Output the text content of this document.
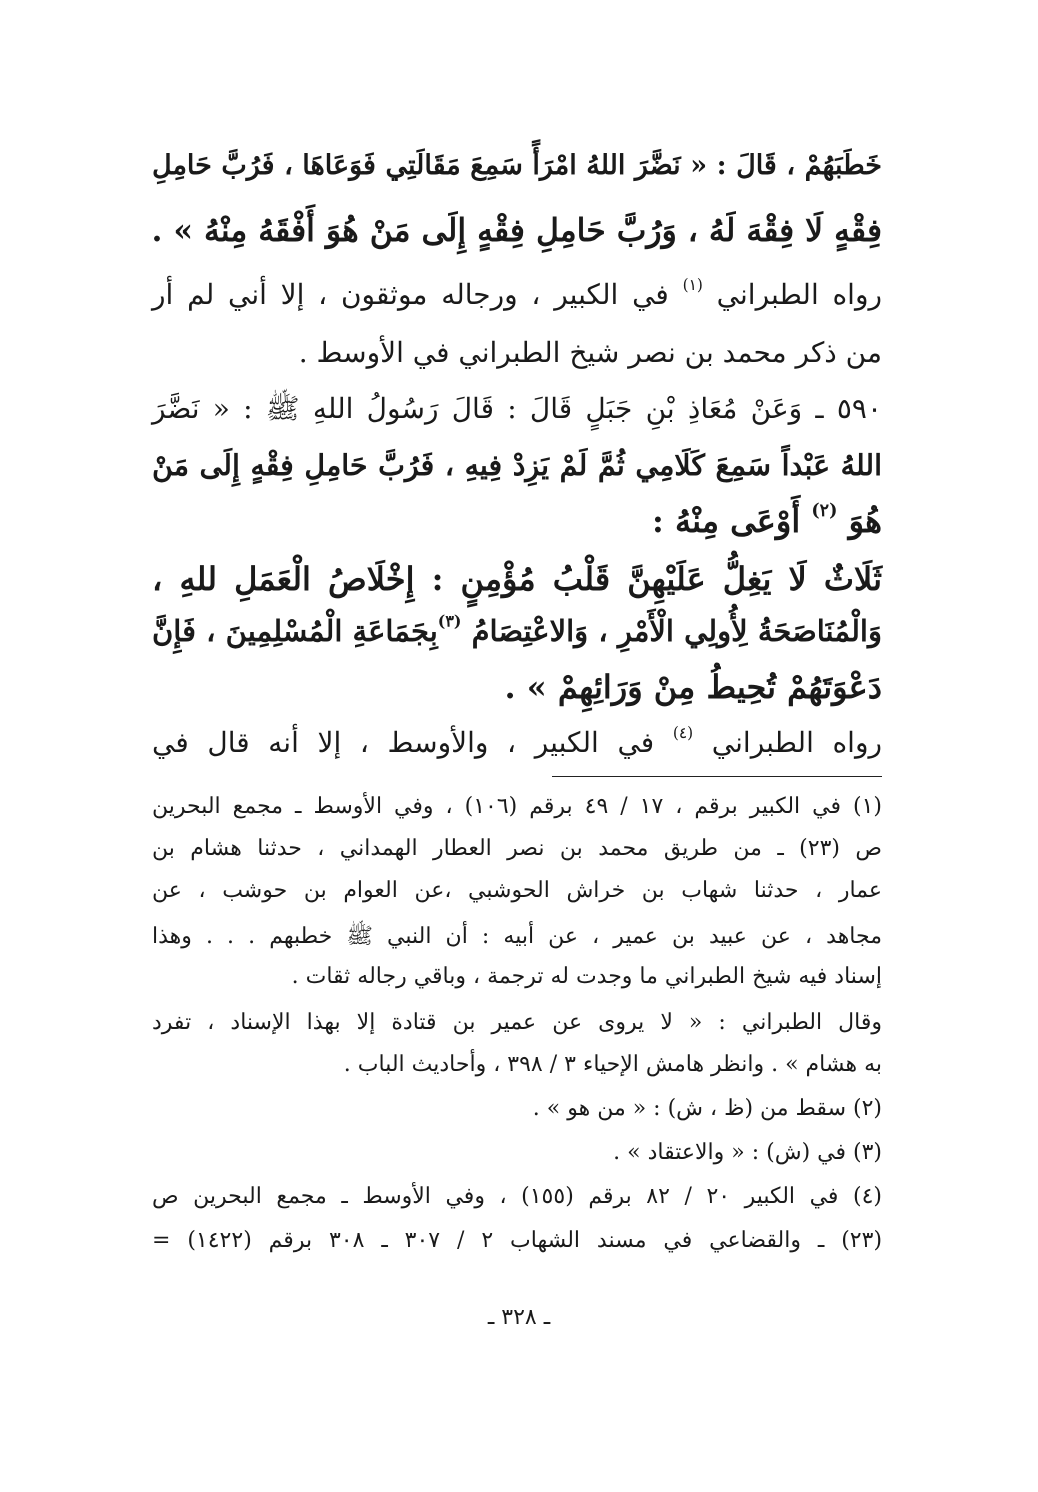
خَطَبَهُمْ ، قَالَ : « نَضَّرَ اللهُ امْرَأً سَمِعَ مَقَالَتِي فَوَعَاهَا ، فَرُبَّ حَامِلِ
فِقْهٍ لَا فِقْهَ لَهُ ، وَرُبَّ حَامِلِ فِقْهٍ إِلَى مَنْ هُوَ أَفْقَهُ مِنْهُ » .
رواه الطبراني $^{(١)}$ في الكبير ، ورجاله موثقون ، إلا أني لم أر
من ذكر محمد بن نصر شيخ الطبراني في الأوسط .
٥٩٠ ـ وَعَنْ مُعَاذِ بْنِ جَبَلٍ قَالَ : قَالَ رَسُولُ اللهِ ﷺ : « نَضَّرَ
اللهُ عَبْداً سَمِعَ كَلَامِي ثُمَّ لَمْ يَزِدْ فِيهِ ، فَرُبَّ حَامِلِ فِقْهٍ إِلَى مَنْ
هُوَ $^{(٢)}$ أَوْعَى مِنْهُ :
ثَلَاثٌ لَا يَغِلُّ عَلَيْهِنَّ قَلْبُ مُؤْمِنٍ : إِخْلَاصُ الْعَمَلِ للهِ ،
وَالْمُنَاصَحَةُ لِأُولِي الْأَمْرِ ، وَالاعْتِصَامُ $^{(٣)}$بِجَمَاعَةِ الْمُسْلِمِينَ ، فَإِنَّ
دَعْوَتَهُمْ تُحِيطُ مِنْ وَرَائِهِمْ » .
رواه الطبراني $^{(٤)}$ في الكبير ، والأوسط ، إلا أنه قال في
(١) في الكبير برقم ، ١٧ / ٤٩ برقم (١٠٦) ، وفي الأوسط ـ مجمع البحرين
ص (٢٣) ـ من طريق محمد بن نصر العطار الهمداني ، حدثنا هشام بن
عمار ، حدثنا شهاب بن خراش الحوشبي ،عن العوام بن حوشب ، عن
مجاهد ، عن عبيد بن عمير ، عن أبيه : أن النبي ﷺ خطبهم . . . وهذا
إسناد فيه شيخ الطبراني ما وجدت له ترجمة ، وباقي رجاله ثقات .
وقال الطبراني : « لا يروى عن عمير بن قتادة إلا بهذا الإسناد ، تفرد
به هشام » . وانظر هامش الإحياء ٣ / ٣٩٨ ، وأحاديث الباب .
(٢) سقط من (ظ ، ش) : « من هو » .
(٣) في (ش) : « والاعتقاد » .
(٤) في الكبير ٢٠ / ٨٢ برقم (١٥٥) ، وفي الأوسط ـ مجمع البحرين ص
(٢٣) ـ والقضاعي في مسند الشهاب ٢ / ٣٠٧ ـ ٣٠٨ برقم (١٤٢٢) =
ـ ٣٢٨ ـ
